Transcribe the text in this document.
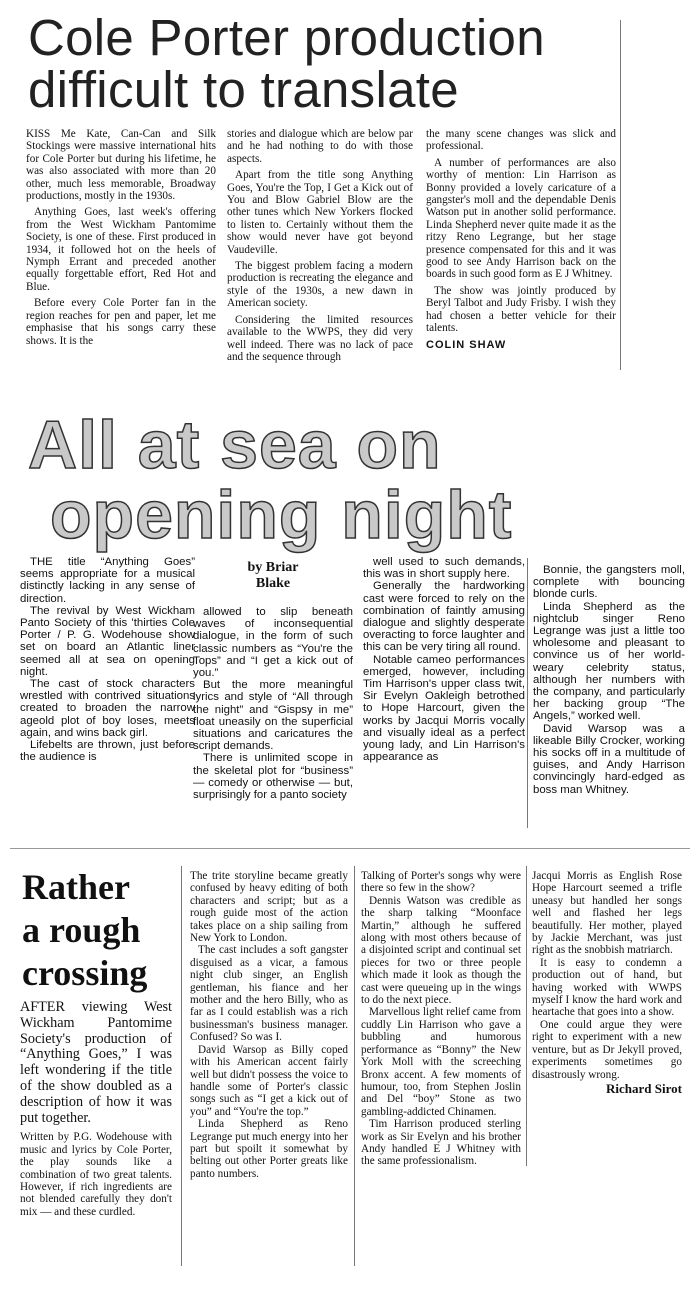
Cole Porter production
difficult to translate

KISS Me Kate, Can-Can and Silk Stockings were massive international hits for Cole Porter but during his lifetime, he was also associated with more than 20 other, much less memorable, Broadway productions, mostly in the 1930s.

Anything Goes, last week's offering from the West Wickham Pantomime Society, is one of these. First produced in 1934, it followed hot on the heels of Nymph Errant and preceded another equally forgettable effort, Red Hot and Blue.

Before every Cole Porter fan in the region reaches for pen and paper, let me emphasise that his songs carry these shows. It is the

stories and dialogue which are below par and he had nothing to do with those aspects.

Apart from the title song Anything Goes, You're the Top, I Get a Kick out of You and Blow Gabriel Blow are the other tunes which New Yorkers flocked to listen to. Certainly without them the show would never have got beyond Vaudeville.

The biggest problem facing a modern production is recreating the elegance and style of the 1930s, a new dawn in American society.

Considering the limited resources available to the WWPS, they did very well indeed. There was no lack of pace and the sequence through

the many scene changes was slick and professional.

A number of performances are also worthy of mention: Lin Harrison as Bonny provided a lovely caricature of a gangster's moll and the dependable Denis Watson put in another solid performance. Linda Shepherd never quite made it as the ritzy Reno Legrange, but her stage presence compensated for this and it was good to see Andy Harrison back on the boards in such good form as E J Whitney.

The show was jointly produced by Beryl Talbot and Judy Frisby. I wish they had chosen a better vehicle for their talents.

COLIN SHAW
All at sea on
opening night

THE title “Anything Goes” seems appropriate for a musical distinctly lacking in any sense of direction.

The revival by West Wickham Panto Society of this 'thirties Cole Porter / P. G. Wodehouse show set on board an Atlantic liner seemed all at sea on opening night.

The cast of stock characters wrestled with contrived situations created to broaden the narrow ageold plot of boy loses, meets again, and wins back girl.

Lifebelts are thrown, just before the audience is

by Briar Blake

allowed to slip beneath waves of inconsequential dialogue, in the form of such classic numbers as “You're the Tops” and “I get a kick out of you.”

But the more meaningful lyrics and style of “All through the night” and “Gispsy in me” float uneasily on the superficial situations and caricatures the script demands.

There is unlimited scope in the skeletal plot for “business” — comedy or otherwise — but, surprisingly for a panto society

well used to such demands, this was in short supply here.

Generally the hardworking cast were forced to rely on the combination of faintly amusing dialogue and slightly desperate overacting to force laughter and this can be very tiring all round.

Notable cameo performances emerged, however, including Tim Harrison's upper class twit, Sir Evelyn Oakleigh betrothed to Hope Harcourt, given the works by Jacqui Morris vocally and visually ideal as a perfect young lady, and Lin Harrison's appearance as

Bonnie, the gangsters moll, complete with bouncing blonde curls.

Linda Shepherd as the nightclub singer Reno Legrange was just a little too wholesome and pleasant to convince us of her world-weary celebrity status, although her numbers with the company, and particularly her backing group “The Angels,” worked well.

David Warsop was a likeable Billy Crocker, working his socks off in a multitude of guises, and Andy Harrison convincingly hard-edged as boss man Whitney.

Rather
a rough
crossing
AFTER viewing West Wickham Pantomime Society's production of “Anything Goes,” I was left wondering if the title of the show doubled as a description of how it was put together.

Written by P.G. Wodehouse with music and lyrics by Cole Porter, the play sounds like a combination of two great talents. However, if rich ingredients are not blended carefully they don't mix — and these curdled.

The trite storyline became greatly confused by heavy editing of both characters and script; but as a rough guide most of the action takes place on a ship sailing from New York to London.

The cast includes a soft gangster disguised as a vicar, a famous night club singer, an English gentleman, his fiance and her mother and the hero Billy, who as far as I could establish was a rich businessman's business manager. Confused? So was I.

David Warsop as Billy coped with his American accent fairly well but didn't possess the voice to handle some of Porter's classic songs such as “I get a kick out of you” and “You're the top.”

Linda Shepherd as Reno Legrange put much energy into her part but spoilt it somewhat by belting out other Porter greats like panto numbers.

Talking of Porter's songs why were there so few in the show?

Dennis Watson was credible as the sharp talking “Moonface Martin,” although he suffered along with most others because of a disjointed script and continual set pieces for two or three people which made it look as though the cast were queueing up in the wings to do the next piece.

Marvellous light relief came from cuddly Lin Harrison who gave a bubbling and humorous performance as “Bonny” the New York Moll with the screeching Bronx accent. A few moments of humour, too, from Stephen Joslin and Del “boy” Stone as two gambling-addicted Chinamen.

Tim Harrison produced sterling work as Sir Evelyn and his brother Andy handled E J Whitney with the same professionalism.

Jacqui Morris as English Rose Hope Harcourt seemed a trifle uneasy but handled her songs well and flashed her legs beautifully. Her mother, played by Jackie Merchant, was just right as the snobbish matriarch.

It is easy to condemn a production out of hand, but having worked with WWPS myself I know the hard work and heartache that goes into a show.

One could argue they were right to experiment with a new venture, but as Dr Jekyll proved, experiments sometimes go disastrously wrong.

Richard Sirot
